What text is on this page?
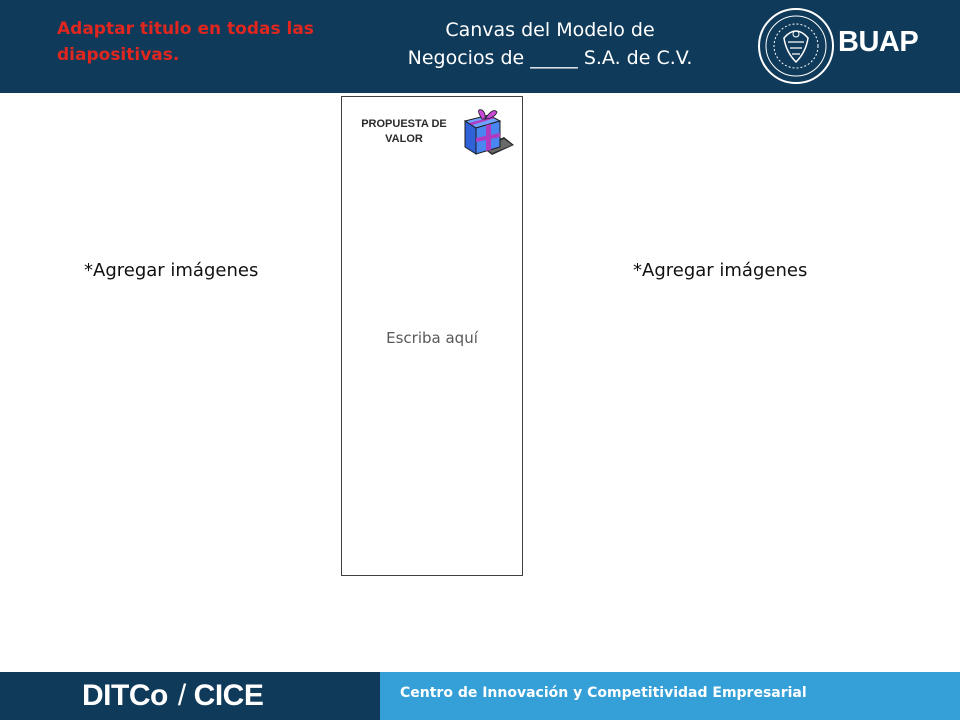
Adaptar titulo en todas las diapositivas.
Canvas del Modelo de
Negocios de _____ S.A. de C.V.	BUAP
PROPUESTA DE VALOR
Escriba aquí
*Agregar imágenes	*Agregar imágenes
DITCo / CICE	Centro de Innovación y Competitividad Empresarial
